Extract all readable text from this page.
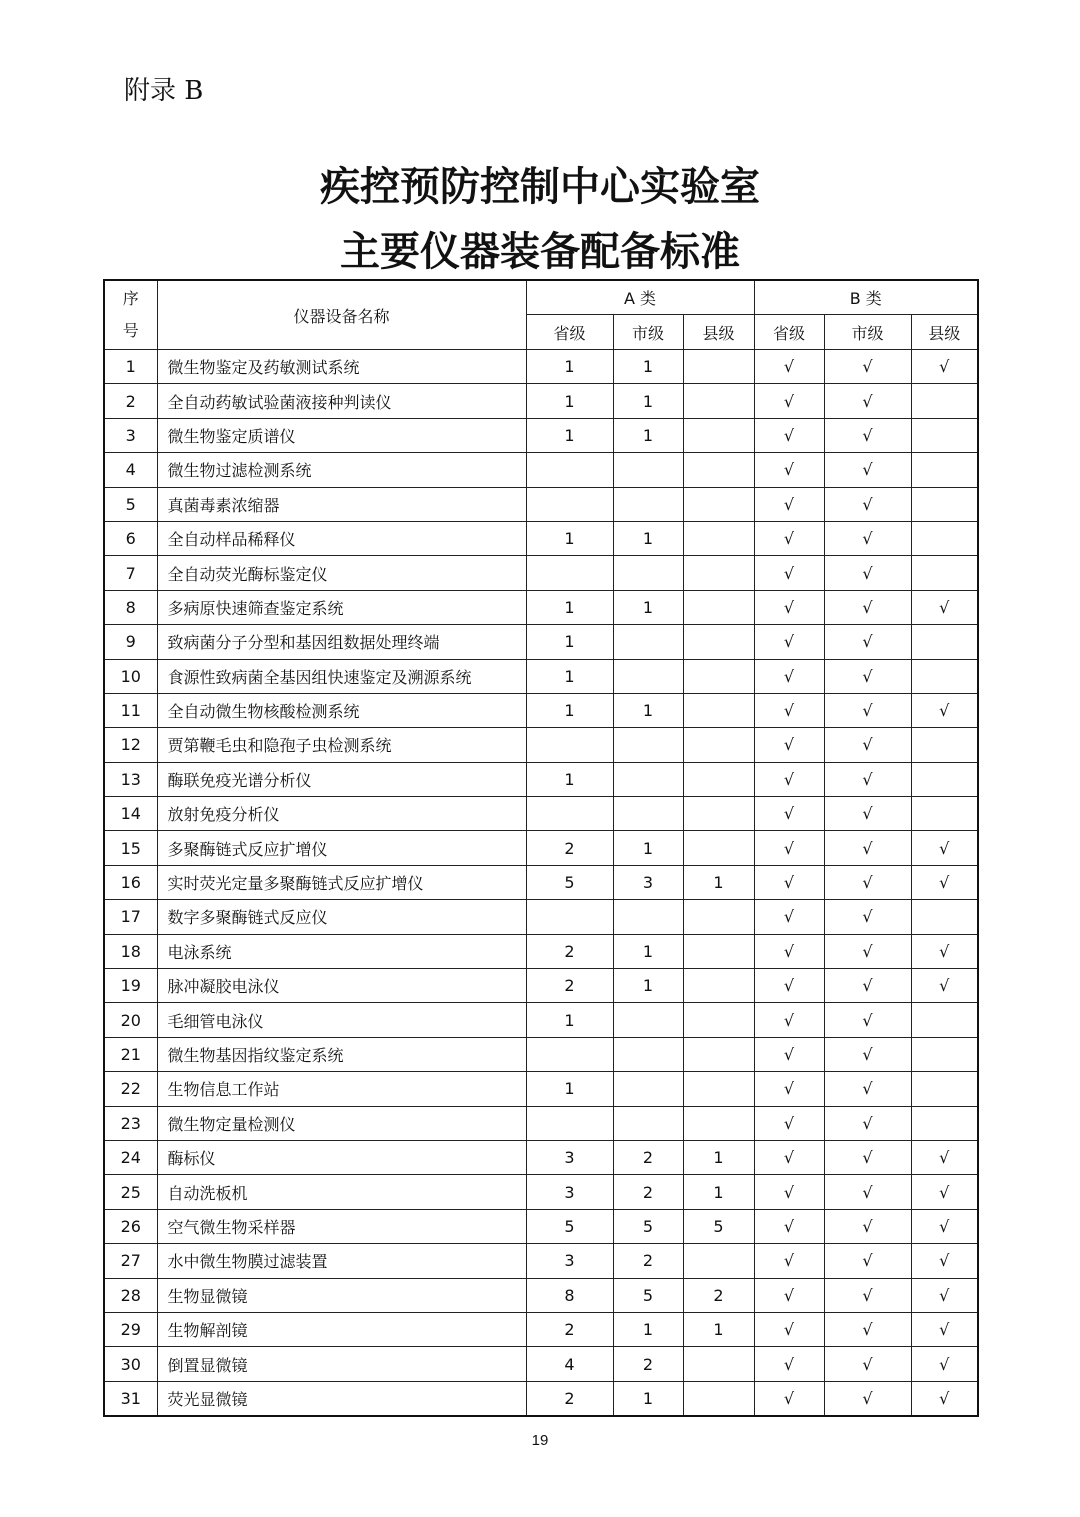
附录 B
疾控预防控制中心实验室
主要仪器装备配备标准
序
号	仪器设备名称	A 类			B 类		
		省级	市级	县级	省级	市级	县级
1	微生物鉴定及药敏测试系统	1	1		√	√	√
2	全自动药敏试验菌液接种判读仪	1	1		√	√	
3	微生物鉴定质谱仪	1	1		√	√	
4	微生物过滤检测系统				√	√	
5	真菌毒素浓缩器				√	√	
6	全自动样品稀释仪	1	1		√	√	
7	全自动荧光酶标鉴定仪				√	√	
8	多病原快速筛查鉴定系统	1	1		√	√	√
9	致病菌分子分型和基因组数据处理终端	1			√	√	
10	食源性致病菌全基因组快速鉴定及溯源系统	1			√	√	
11	全自动微生物核酸检测系统	1	1		√	√	√
12	贾第鞭毛虫和隐孢子虫检测系统				√	√	
13	酶联免疫光谱分析仪	1			√	√	
14	放射免疫分析仪				√	√	
15	多聚酶链式反应扩增仪	2	1		√	√	√
16	实时荧光定量多聚酶链式反应扩增仪	5	3	1	√	√	√
17	数字多聚酶链式反应仪				√	√	
18	电泳系统	2	1		√	√	√
19	脉冲凝胶电泳仪	2	1		√	√	√
20	毛细管电泳仪	1			√	√	
21	微生物基因指纹鉴定系统				√	√	
22	生物信息工作站	1			√	√	
23	微生物定量检测仪				√	√	
24	酶标仪	3	2	1	√	√	√
25	自动洗板机	3	2	1	√	√	√
26	空气微生物采样器	5	5	5	√	√	√
27	水中微生物膜过滤装置	3	2		√	√	√
28	生物显微镜	8	5	2	√	√	√
29	生物解剖镜	2	1	1	√	√	√
30	倒置显微镜	4	2		√	√	√
31	荧光显微镜	2	1		√	√	√
19
